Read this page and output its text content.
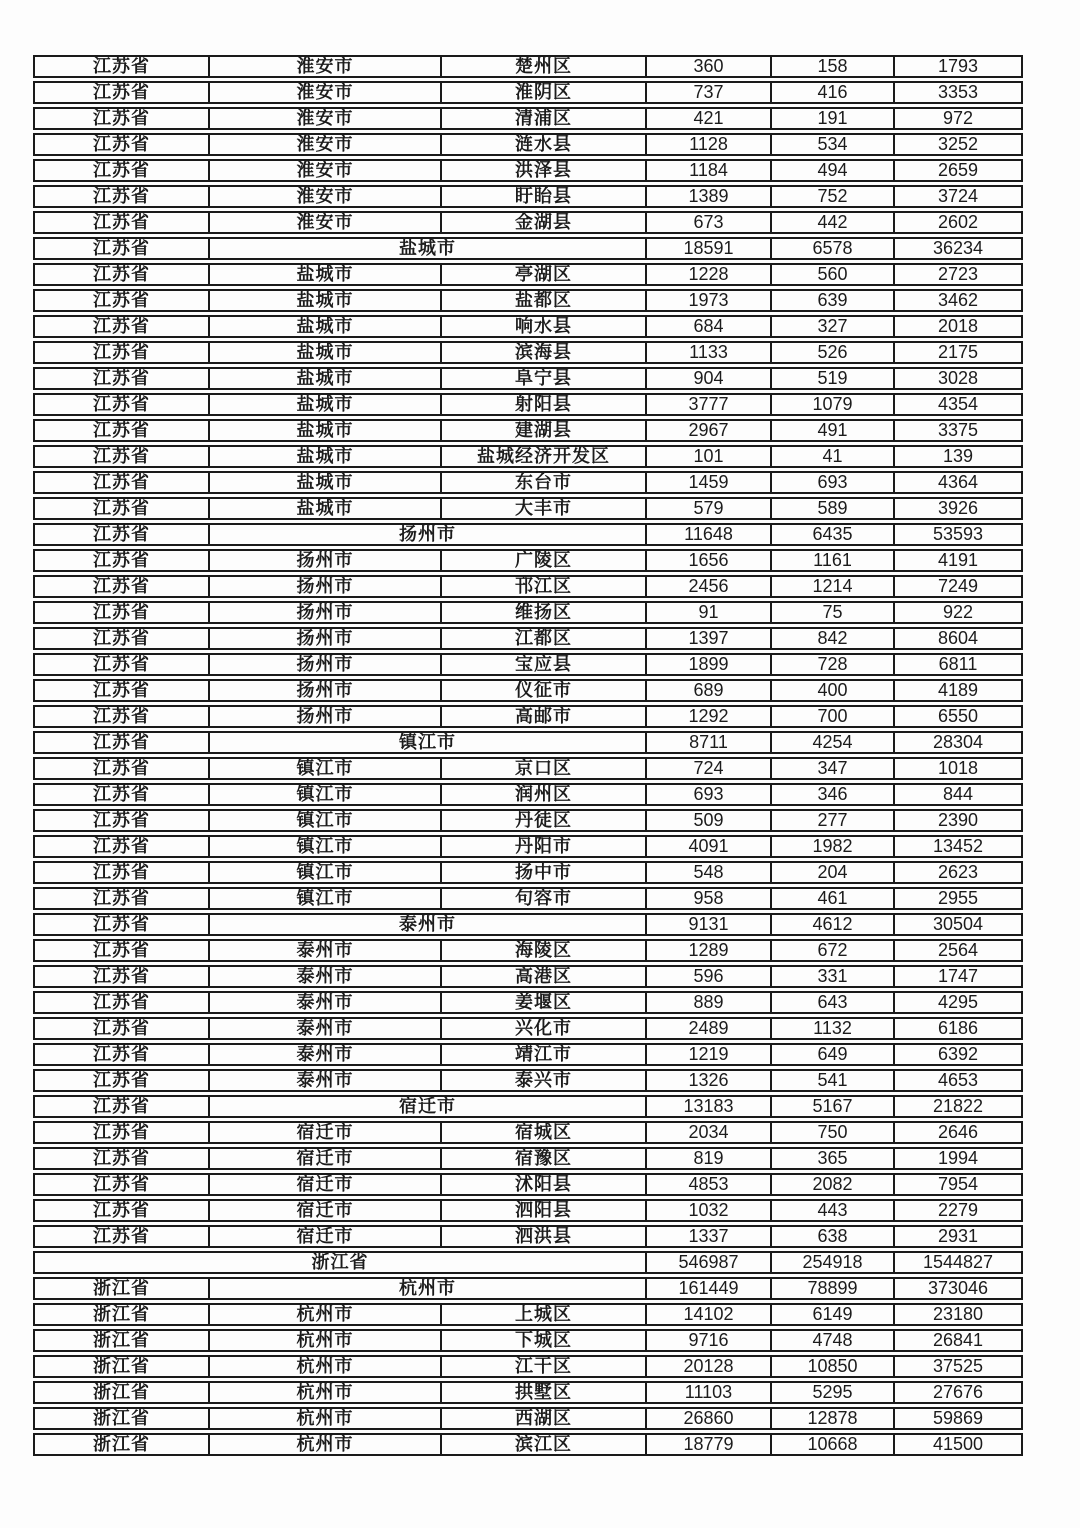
江苏省	淮安市	楚州区	360	158	1793
江苏省	淮安市	淮阴区	737	416	3353
江苏省	淮安市	清浦区	421	191	972
江苏省	淮安市	涟水县	1128	534	3252
江苏省	淮安市	洪泽县	1184	494	2659
江苏省	淮安市	盱眙县	1389	752	3724
江苏省	淮安市	金湖县	673	442	2602
江苏省	盐城市		18591	6578	36234
江苏省	盐城市	亭湖区	1228	560	2723
江苏省	盐城市	盐都区	1973	639	3462
江苏省	盐城市	响水县	684	327	2018
江苏省	盐城市	滨海县	1133	526	2175
江苏省	盐城市	阜宁县	904	519	3028
江苏省	盐城市	射阳县	3777	1079	4354
江苏省	盐城市	建湖县	2967	491	3375
江苏省	盐城市	盐城经济开发区	101	41	139
江苏省	盐城市	东台市	1459	693	4364
江苏省	盐城市	大丰市	579	589	3926
江苏省	扬州市		11648	6435	53593
江苏省	扬州市	广陵区	1656	1161	4191
江苏省	扬州市	邗江区	2456	1214	7249
江苏省	扬州市	维扬区	91	75	922
江苏省	扬州市	江都区	1397	842	8604
江苏省	扬州市	宝应县	1899	728	6811
江苏省	扬州市	仪征市	689	400	4189
江苏省	扬州市	高邮市	1292	700	6550
江苏省	镇江市		8711	4254	28304
江苏省	镇江市	京口区	724	347	1018
江苏省	镇江市	润州区	693	346	844
江苏省	镇江市	丹徒区	509	277	2390
江苏省	镇江市	丹阳市	4091	1982	13452
江苏省	镇江市	扬中市	548	204	2623
江苏省	镇江市	句容市	958	461	2955
江苏省	泰州市		9131	4612	30504
江苏省	泰州市	海陵区	1289	672	2564
江苏省	泰州市	高港区	596	331	1747
江苏省	泰州市	姜堰区	889	643	4295
江苏省	泰州市	兴化市	2489	1132	6186
江苏省	泰州市	靖江市	1219	649	6392
江苏省	泰州市	泰兴市	1326	541	4653
江苏省	宿迁市		13183	5167	21822
江苏省	宿迁市	宿城区	2034	750	2646
江苏省	宿迁市	宿豫区	819	365	1994
江苏省	宿迁市	沭阳县	4853	2082	7954
江苏省	宿迁市	泗阳县	1032	443	2279
江苏省	宿迁市	泗洪县	1337	638	2931
浙江省			546987	254918	1544827
浙江省	杭州市		161449	78899	373046
浙江省	杭州市	上城区	14102	6149	23180
浙江省	杭州市	下城区	9716	4748	26841
浙江省	杭州市	江干区	20128	10850	37525
浙江省	杭州市	拱墅区	11103	5295	27676
浙江省	杭州市	西湖区	26860	12878	59869
浙江省	杭州市	滨江区	18779	10668	41500
